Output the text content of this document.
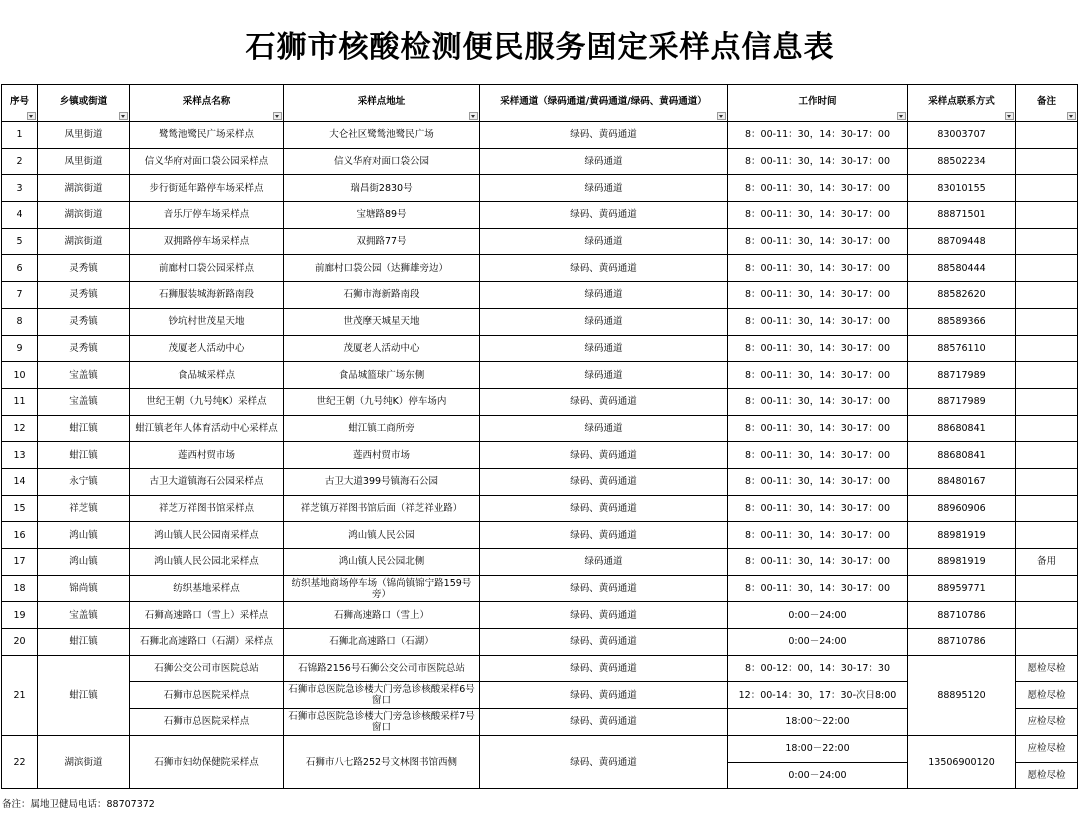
石狮市核酸检测便民服务固定采样点信息表
序号	乡镇或街道	采样点名称	采样点地址	采样通道（绿码通道/黄码通道/绿码、黄码通道）	工作时间	采样点联系方式	备注

1	凤里街道	鹭鸶池鹭民广场采样点	大仑社区鹭鸶池鹭民广场	绿码、黄码通道	8：00-11：30，14：30-17：00	83003707	
2	凤里街道	信义华府对面口袋公园采样点	信义华府对面口袋公园	绿码通道	8：00-11：30，14：30-17：00	88502234	
3	湖滨街道	步行街延年路停车场采样点	瑞昌街2830号	绿码通道	8：00-11：30，14：30-17：00	83010155	
4	湖滨街道	音乐厅停车场采样点	宝塘路89号	绿码、黄码通道	8：00-11：30，14：30-17：00	88871501	
5	湖滨街道	双拥路停车场采样点	双拥路77号	绿码通道	8：00-11：30，14：30-17：00	88709448	
6	灵秀镇	前廊村口袋公园采样点	前廊村口袋公园（达狮雄旁边）	绿码、黄码通道	8：00-11：30，14：30-17：00	88580444	
7	灵秀镇	石狮服装城海新路南段	石狮市海新路南段	绿码通道	8：00-11：30，14：30-17：00	88582620	
8	灵秀镇	钞坑村世茂星天地	世茂摩天城星天地	绿码通道	8：00-11：30，14：30-17：00	88589366	
9	灵秀镇	茂厦老人活动中心	茂厦老人活动中心	绿码通道	8：00-11：30，14：30-17：00	88576110	
10	宝盖镇	食品城采样点	食品城篮球广场东侧	绿码通道	8：00-11：30，14：30-17：00	88717989	
11	宝盖镇	世纪王朝（九号纯K）采样点	世纪王朝（九号纯K）停车场内	绿码、黄码通道	8：00-11：30，14：30-17：00	88717989	
12	蚶江镇	蚶江镇老年人体育活动中心采样点	蚶江镇工商所旁	绿码通道	8：00-11：30，14：30-17：00	88680841	
13	蚶江镇	莲西村贸市场	莲西村贸市场	绿码、黄码通道	8：00-11：30，14：30-17：00	88680841	
14	永宁镇	古卫大道镇海石公园采样点	古卫大道399号镇海石公园	绿码、黄码通道	8：00-11：30，14：30-17：00	88480167	
15	祥芝镇	祥芝万祥图书馆采样点	祥芝镇万祥图书馆后面（祥芝祥业路）	绿码、黄码通道	8：00-11：30，14：30-17：00	88960906	
16	鸿山镇	鸿山镇人民公园南采样点	鸿山镇人民公园	绿码、黄码通道	8：00-11：30，14：30-17：00	88981919	
17	鸿山镇	鸿山镇人民公园北采样点	鸿山镇人民公园北侧	绿码通道	8：00-11：30，14：30-17：00	88981919	备用
18	锦尚镇	纺织基地采样点	纺织基地商场停车场（锦尚镇锦宁路159号旁）	绿码、黄码通道	8：00-11：30，14：30-17：00	88959771	
19	宝盖镇	石狮高速路口（雪上）采样点	石狮高速路口（雪上）	绿码、黄码通道	0:00－24:00	88710786	
20	蚶江镇	石狮北高速路口（石湖）采样点	石狮北高速路口（石湖）	绿码、黄码通道	0:00－24:00	88710786	
21	蚶江镇	石狮公交公司市医院总站	石锦路2156号石狮公交公司市医院总站	绿码、黄码通道	8：00-12：00，14：30-17：30	88895120	愿检尽检
		石狮市总医院采样点	石狮市总医院急诊楼大门旁急诊核酸采样6号窗口	绿码、黄码通道	12：00-14：30，17：30-次日8:00		愿检尽检
		石狮市总医院采样点	石狮市总医院急诊楼大门旁急诊核酸采样7号窗口	绿码、黄码通道	18:00～22:00		应检尽检
22	湖滨街道	石狮市妇幼保健院采样点	石狮市八七路252号文林图书馆西侧	绿码、黄码通道	18:00－22:00	13506900120	应检尽检
					0:00－24:00		愿检尽检
备注：属地卫健局电话：88707372
